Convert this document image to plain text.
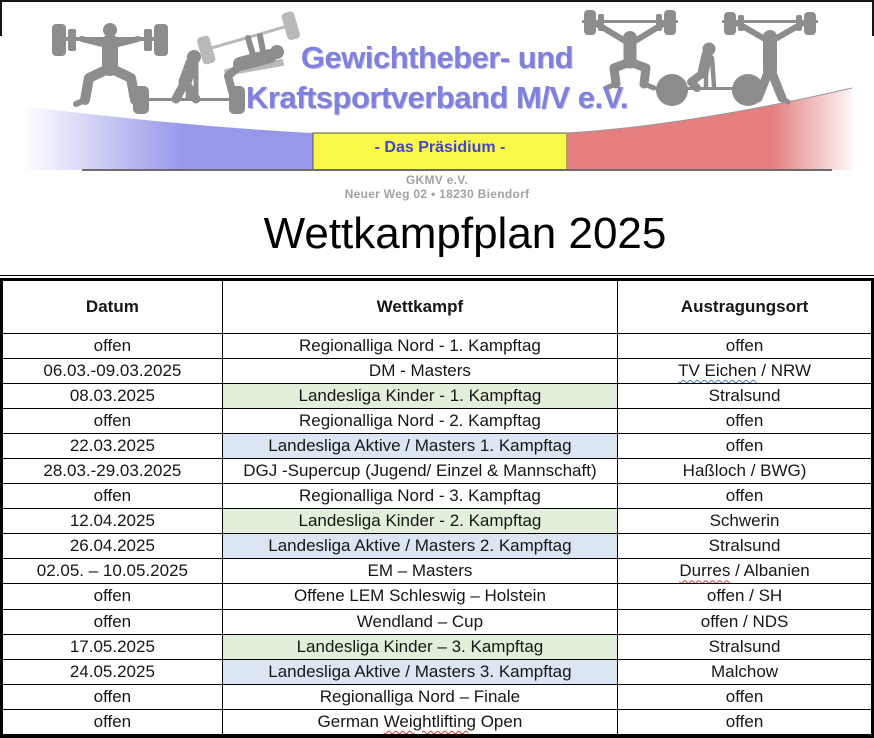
Gewichtheber- und
Kraftsportverband M/V e.V.
- Das Präsidium -
GKMV e.V.
Neuer Weg 02 • 18230 Biendorf
Wettkampfplan 2025
Datum	Wettkampf	Austragungsort
offen	Regionalliga Nord - 1. Kampftag	offen
06.03.-09.03.2025	DM - Masters	TV Eichen / NRW
08.03.2025	Landesliga Kinder - 1. Kampftag	Stralsund
offen	Regionalliga Nord - 2. Kampftag	offen
22.03.2025	Landesliga Aktive / Masters 1. Kampftag	offen
28.03.-29.03.2025	DGJ -Supercup (Jugend/ Einzel & Mannschaft)	Haßloch / BWG)
offen	Regionalliga Nord - 3. Kampftag	offen
12.04.2025	Landesliga Kinder - 2. Kampftag	Schwerin
26.04.2025	Landesliga Aktive / Masters 2. Kampftag	Stralsund
02.05. – 10.05.2025	EM – Masters	Durres / Albanien
offen	Offene LEM Schleswig – Holstein	offen / SH
offen	Wendland – Cup	offen / NDS
17.05.2025	Landesliga Kinder – 3. Kampftag	Stralsund
24.05.2025	Landesliga Aktive / Masters 3. Kampftag	Malchow
offen	Regionalliga Nord – Finale	offen
offen	German Weightlifting Open	offen
